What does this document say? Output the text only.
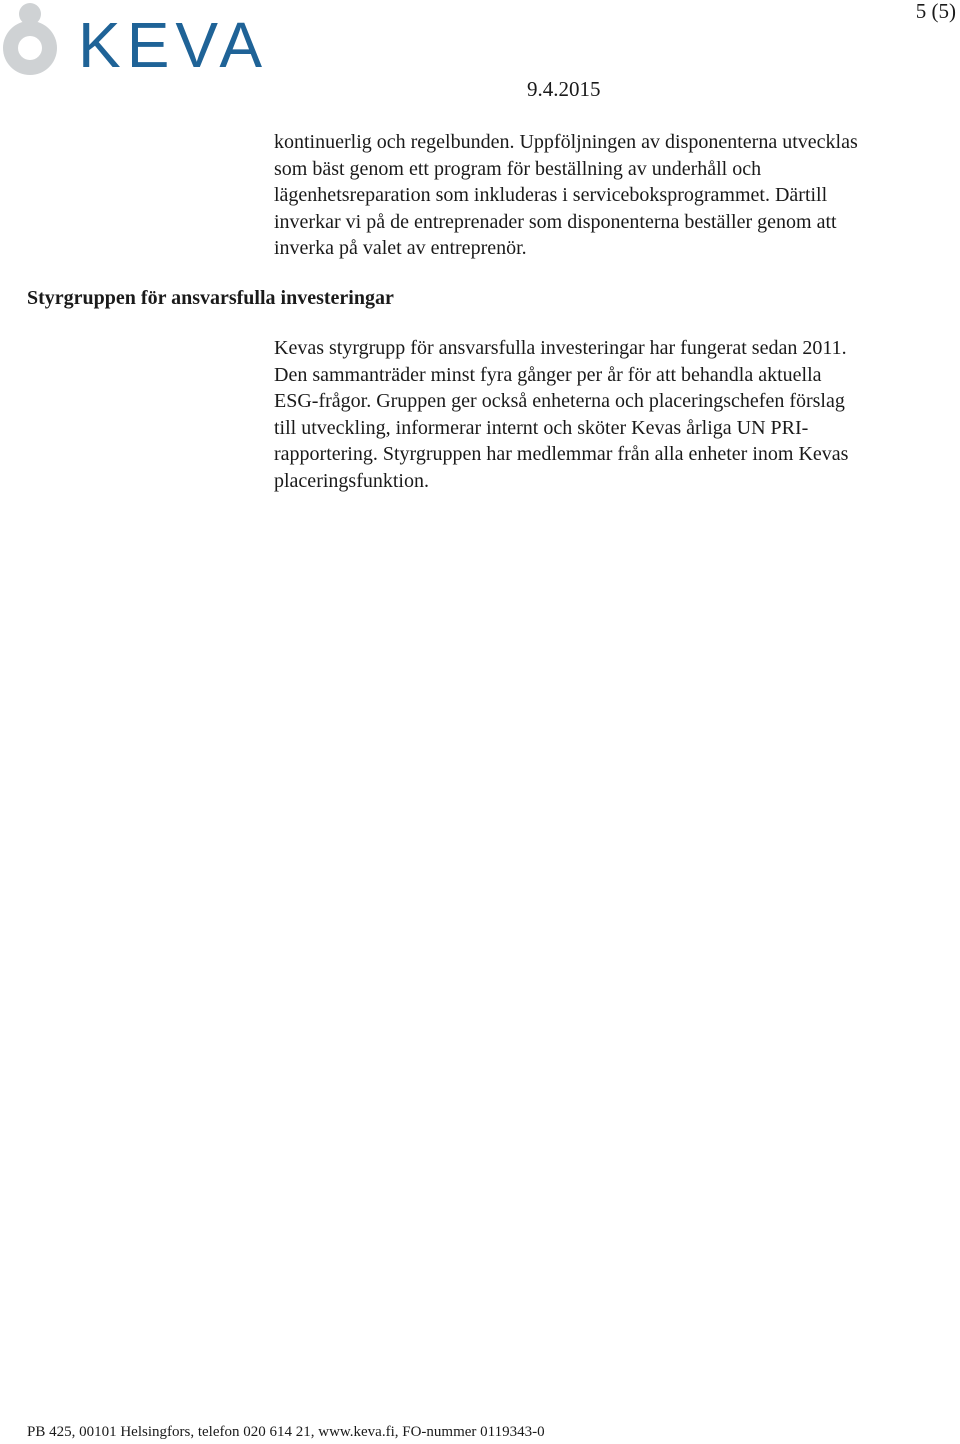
KEVA	5 (5)
9.4.2015
kontinuerlig och regelbunden. Uppföljningen av disponenterna utvecklas
som bäst genom ett program för beställning av underhåll och
lägenhetsreparation som inkluderas i serviceboksprogrammet. Därtill
inverkar vi på de entreprenader som disponenterna beställer genom att
inverka på valet av entreprenör.
Styrgruppen för ansvarsfulla investeringar
Kevas styrgrupp för ansvarsfulla investeringar har fungerat sedan 2011.
Den sammanträder minst fyra gånger per år för att behandla aktuella
ESG-frågor. Gruppen ger också enheterna och placeringschefen förslag
till utveckling, informerar internt och sköter Kevas årliga UN PRI-
rapportering. Styrgruppen har medlemmar från alla enheter inom Kevas
placeringsfunktion.
PB 425, 00101 Helsingfors, telefon 020 614 21, www.keva.fi, FO-nummer 0119343-0
